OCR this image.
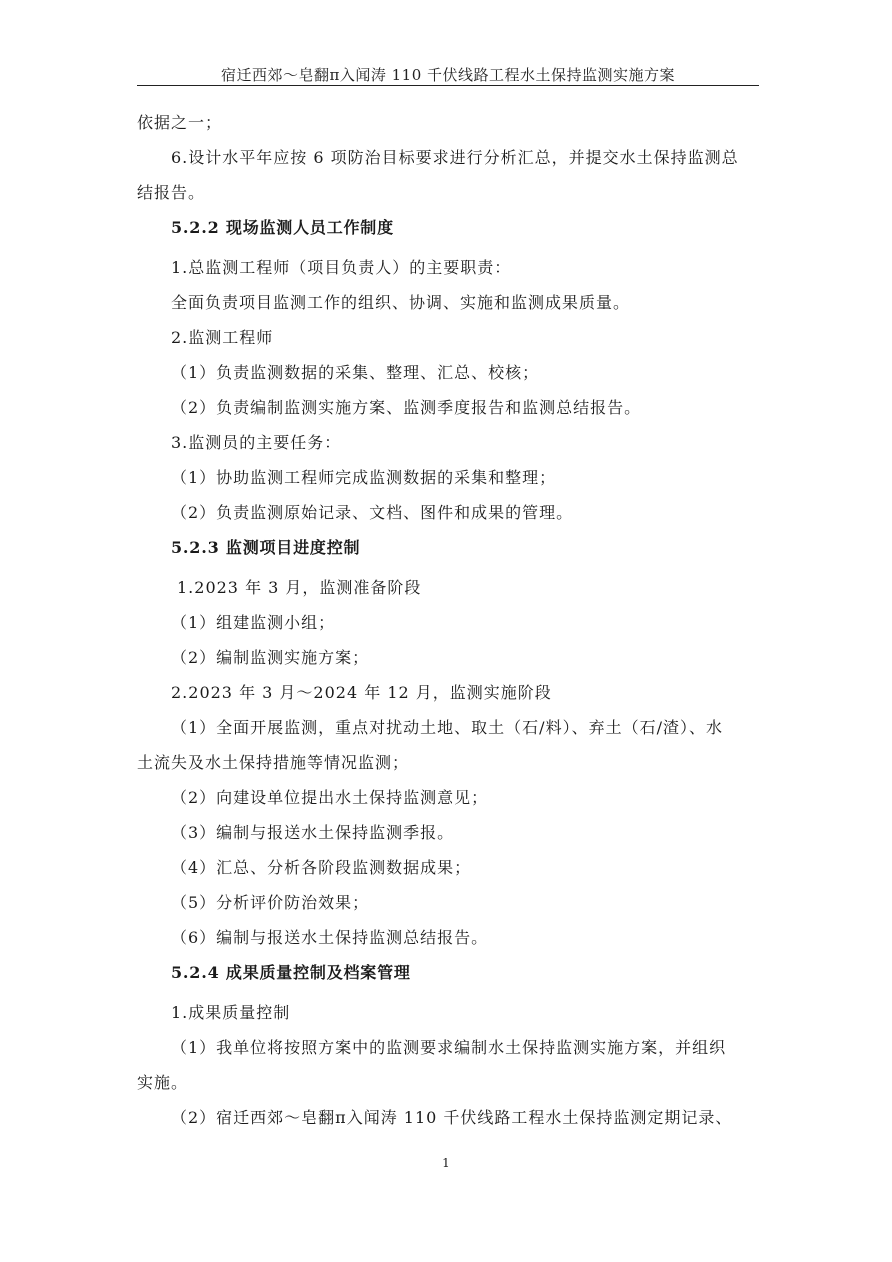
宿迁西郊～皂翻π入闻涛 110 千伏线路工程水土保持监测实施方案
依据之一；
6.设计水平年应按 6 项防治目标要求进行分析汇总，并提交水土保持监测总
结报告。
5.2.2 现场监测人员工作制度
1.总监测工程师（项目负责人）的主要职责：
全面负责项目监测工作的组织、协调、实施和监测成果质量。
2.监测工程师
（1）负责监测数据的采集、整理、汇总、校核；
（2）负责编制监测实施方案、监测季度报告和监测总结报告。
3.监测员的主要任务：
（1）协助监测工程师完成监测数据的采集和整理；
（2）负责监测原始记录、文档、图件和成果的管理。
5.2.3 监测项目进度控制
1.2023 年 3 月，监测准备阶段
（1）组建监测小组；
（2）编制监测实施方案；
2.2023 年 3 月～2024 年 12 月，监测实施阶段
（1）全面开展监测，重点对扰动土地、取土（石/料）、弃土（石/渣）、水
土流失及水土保持措施等情况监测；
（2）向建设单位提出水土保持监测意见；
（3）编制与报送水土保持监测季报。
（4）汇总、分析各阶段监测数据成果；
（5）分析评价防治效果；
（6）编制与报送水土保持监测总结报告。
5.2.4 成果质量控制及档案管理
1.成果质量控制
（1）我单位将按照方案中的监测要求编制水土保持监测实施方案，并组织
实施。
（2）宿迁西郊～皂翻π入闻涛 110 千伏线路工程水土保持监测定期记录、
1
